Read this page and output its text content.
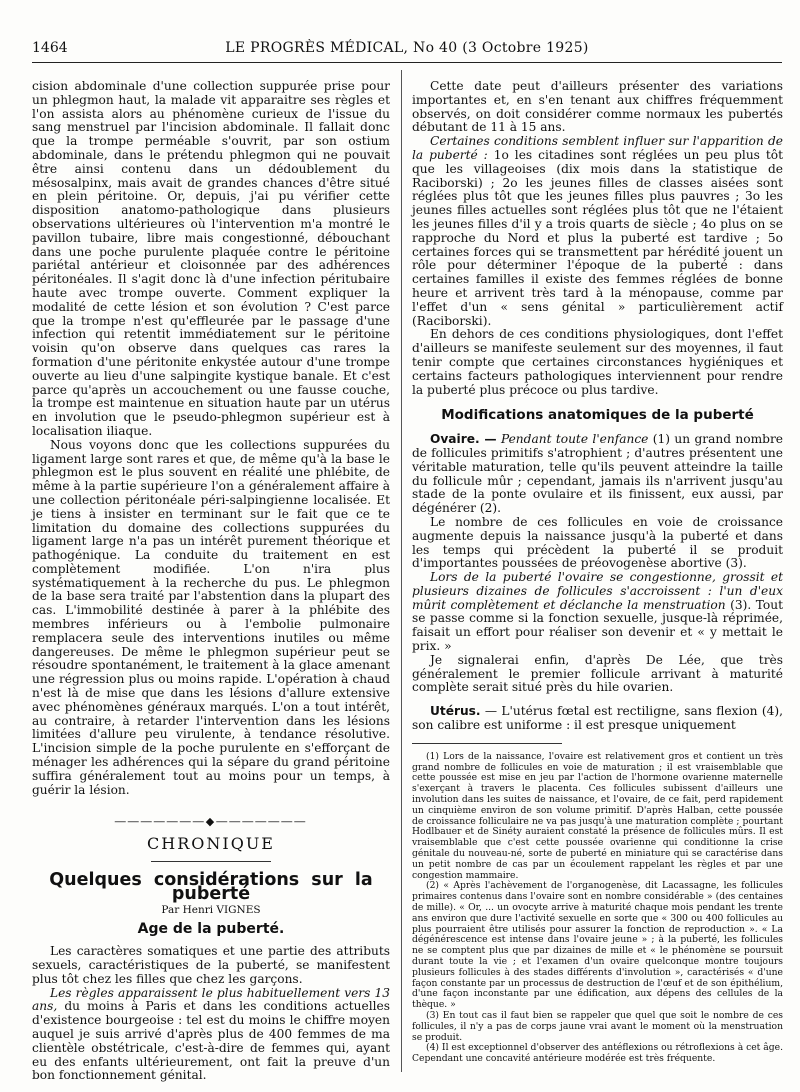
1464	LE PROGRÈS MÉDICAL, No 40 (3 Octobre 1925)

cision abdominale d'une collection suppurée prise pour un phlegmon haut, la malade vit apparaitre ses règles et l'on assista alors au phénomène curieux de l'issue du sang menstruel par l'incision abdominale. Il fallait donc que la trompe perméable s'ouvrit, par son ostium abdominale, dans le prétendu phlegmon qui ne pouvait être ainsi contenu dans un dédoublement du mésosalpinx, mais avait de grandes chances d'être situé en plein péritoine. Or, depuis, j'ai pu vérifier cette disposition anatomo-pathologique dans plusieurs observations ultérieures où l'intervention m'a montré le pavillon tubaire, libre mais congestionné, débouchant dans une poche purulente plaquée contre le péritoine pariétal antérieur et cloisonnée par des adhérences péritonéales. Il s'agit donc là d'une infection péritubaire haute avec trompe ouverte. Comment expliquer la modalité de cette lésion et son évolution ? C'est parce que la trompe n'est qu'effleurée par le passage d'une infection qui retentit immédiatement sur le péritoine voisin qu'on observe dans quelques cas rares la formation d'une péritonite enkystée autour d'une trompe ouverte au lieu d'une salpingite kystique banale. Et c'est parce qu'après un accouchement ou une fausse couche, la trompe est maintenue en situation haute par un utérus en involution que le pseudo-phlegmon supérieur est à localisation iliaque.

Nous voyons donc que les collections suppurées du ligament large sont rares et que, de même qu'à la base le phlegmon est le plus souvent en réalité une phlébite, de même à la partie supérieure l'on a généralement affaire à une collection péritonéale péri-salpingienne localisée. Et je tiens à insister en terminant sur le fait que ce te limitation du domaine des collections suppurées du ligament large n'a pas un intérêt purement théorique et pathogénique. La conduite du traitement en est complètement modifiée. L'on n'ira plus systématiquement à la recherche du pus. Le phlegmon de la base sera traité par l'abstention dans la plupart des cas. L'immobilité destinée à parer à la phlébite des membres inférieurs ou à l'embolie pulmonaire remplacera seule des interventions inutiles ou même dangereuses. De même le phlegmon supérieur peut se résoudre spontanément, le traitement à la glace amenant une régression plus ou moins rapide. L'opération à chaud n'est là de mise que dans les lésions d'allure extensive avec phénomènes généraux marqués. L'on a tout intérêt, au contraire, à retarder l'intervention dans les lésions limitées d'allure peu virulente, à tendance résolutive. L'incision simple de la poche purulente en s'efforçant de ménager les adhérences qui la sépare du grand péritoine suffira généralement tout au moins pour un temps, à guérir la lésion.

―――――――◆―――――――
CHRONIQUE
Quelques considérations sur la puberté
Par Henri VIGNES
Age de la puberté.

Les caractères somatiques et une partie des attributs sexuels, caractéristiques de la puberté, se manifestent plus tôt chez les filles que chez les garçons.

Les règles apparaissent le plus habituellement vers 13 ans, du moins à Paris et dans les conditions actuelles d'existence bourgeoise : tel est du moins le chiffre moyen auquel je suis arrivé d'après plus de 400 femmes de ma clientèle obstétricale, c'est-à-dire de femmes qui, ayant eu des enfants ultérieurement, ont fait la preuve d'un bon fonctionnement génital.

Cette date peut d'ailleurs présenter des variations importantes et, en s'en tenant aux chiffres fréquemment observés, on doit considérer comme normaux les pubertés débutant de 11 à 15 ans.

Certaines conditions semblent influer sur l'apparition de la puberté : 1o les citadines sont réglées un peu plus tôt que les villageoises (dix mois dans la statistique de Raciborski) ; 2o les jeunes filles de classes aisées sont réglées plus tôt que les jeunes filles plus pauvres ; 3o les jeunes filles actuelles sont réglées plus tôt que ne l'étaient les jeunes filles d'il y a trois quarts de siècle ; 4o plus on se rapproche du Nord et plus la puberté est tardive ; 5o certaines forces qui se transmettent par hérédité jouent un rôle pour déterminer l'époque de la puberté : dans certaines familles il existe des femmes réglées de bonne heure et arrivent très tard à la ménopause, comme par l'effet d'un « sens génital » particulièrement actif (Raciborski).

En dehors de ces conditions physiologiques, dont l'effet d'ailleurs se manifeste seulement sur des moyennes, il faut tenir compte que certaines circonstances hygiéniques et certains facteurs pathologiques interviennent pour rendre la puberté plus précoce ou plus tardive.

Modifications anatomiques de la puberté

Ovaire. — Pendant toute l'enfance (1) un grand nombre de follicules primitifs s'atrophient ; d'autres présentent une véritable maturation, telle qu'ils peuvent atteindre la taille du follicule mûr ; cependant, jamais ils n'arrivent jusqu'au stade de la ponte ovulaire et ils finissent, eux aussi, par dégénérer (2).

Le nombre de ces follicules en voie de croissance augmente depuis la naissance jusqu'à la puberté et dans les temps qui précèdent la puberté il se produit d'importantes poussées de préovogenèse abortive (3).

Lors de la puberté l'ovaire se congestionne, grossit et plusieurs dizaines de follicules s'accroissent : l'un d'eux mûrit complètement et déclanche la menstruation (3). Tout se passe comme si la fonction sexuelle, jusque-là réprimée, faisait un effort pour réaliser son devenir et « y mettait le prix. »

Je signalerai enfin, d'après De Lée, que très généralement le premier follicule arrivant à maturité complète serait situé près du hile ovarien.

Utérus. — L'utérus fœtal est rectiligne, sans flexion (4), son calibre est uniforme : il est presque uniquement

(1) Lors de la naissance, l'ovaire est relativement gros et contient un très grand nombre de follicules en voie de maturation ; il est vraisemblable que cette poussée est mise en jeu par l'action de l'hormone ovarienne maternelle s'exerçant à travers le placenta. Ces follicules subissent d'ailleurs une involution dans les suites de naissance, et l'ovaire, de ce fait, perd rapidement un cinquième environ de son volume primitif. D'après Halban, cette poussée de croissance folliculaire ne va pas jusqu'à une maturation complète ; pourtant Hodlbauer et de Sinéty auraient constaté la présence de follicules mûrs. Il est vraisemblable que c'est cette poussée ovarienne qui conditionne la crise génitale du nouveau-né, sorte de puberté en miniature qui se caractérise dans un petit nombre de cas par un écoulement rappelant les règles et par une congestion mammaire.

(2) « Après l'achèvement de l'organogenèse, dit Lacassagne, les follicules primaires contenus dans l'ovaire sont en nombre considérable » (des centaines de mille). « Or, ... un ovocyte arrive à maturité chaque mois pendant les trente ans environ que dure l'activité sexuelle en sorte que « 300 ou 400 follicules au plus pourraient être utilisés pour assurer la fonction de reproduction ». « La dégénérescence est intense dans l'ovaire jeune » ; à la puberté, les follicules ne se comptent plus que par dizaines de mille et « le phénomène se poursuit durant toute la vie ; et l'examen d'un ovaire quelconque montre toujours plusieurs follicules à des stades différents d'involution », caractérisés « d'une façon constante par un processus de destruction de l'œuf et de son épithélium, d'une façon inconstante par une édification, aux dépens des cellules de la thèque. »

(3) En tout cas il faut bien se rappeler que quel que soit le nombre de ces follicules, il n'y a pas de corps jaune vrai avant le moment où la menstruation se produit.

(4) Il est exceptionnel d'observer des antéflexions ou rétroflexions à cet âge. Cependant une concavité antérieure modérée est très fréquente.
